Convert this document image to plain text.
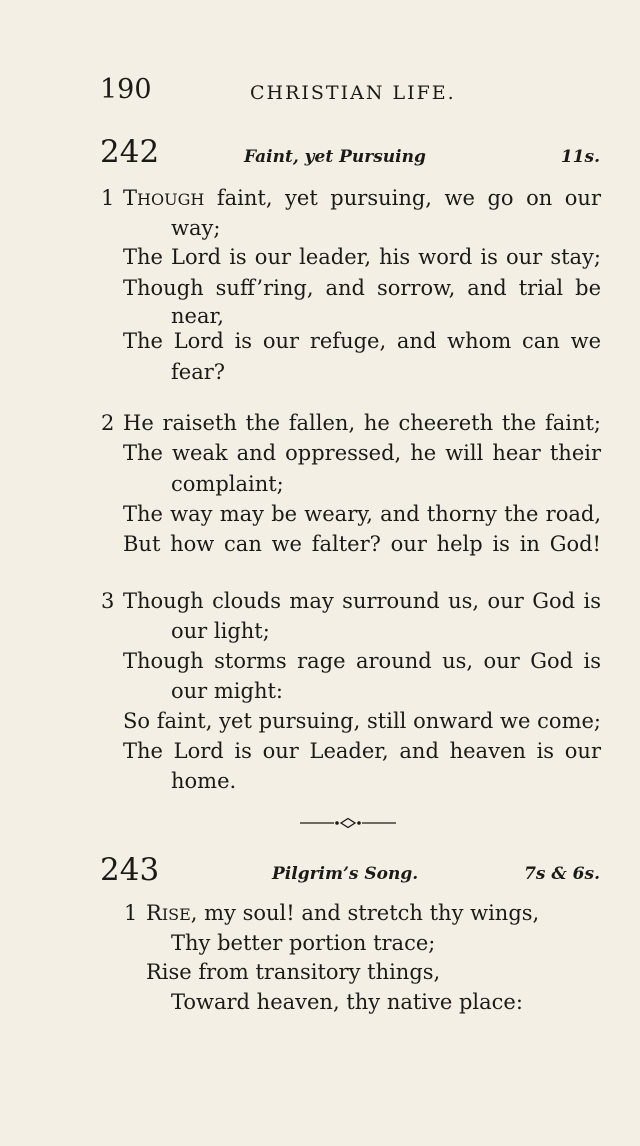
190	CHRISTIAN LIFE.
242	Faint, yet Pursuing	11s.
1 THOUGH faint, yet pursuing, we go on our
way;
The Lord is our leader, his word is our stay;
Though suff’ring, and sorrow, and trial be
near,
The Lord is our refuge, and whom can we
fear?
2 He raiseth the fallen, he cheereth the faint;
The weak and oppressed, he will hear their
complaint;
The way may be weary, and thorny the road,
But how can we falter? our help is in God!
3 Though clouds may surround us, our God is
our light;
Though storms rage around us, our God is
our might:
So faint, yet pursuing, still onward we come;
The Lord is our Leader, and heaven is our
home.
243	Pilgrim’s Song.	7s & 6s.
1 RISE, my soul! and stretch thy wings,
Thy better portion trace;
Rise from transitory things,
Toward heaven, thy native place:
